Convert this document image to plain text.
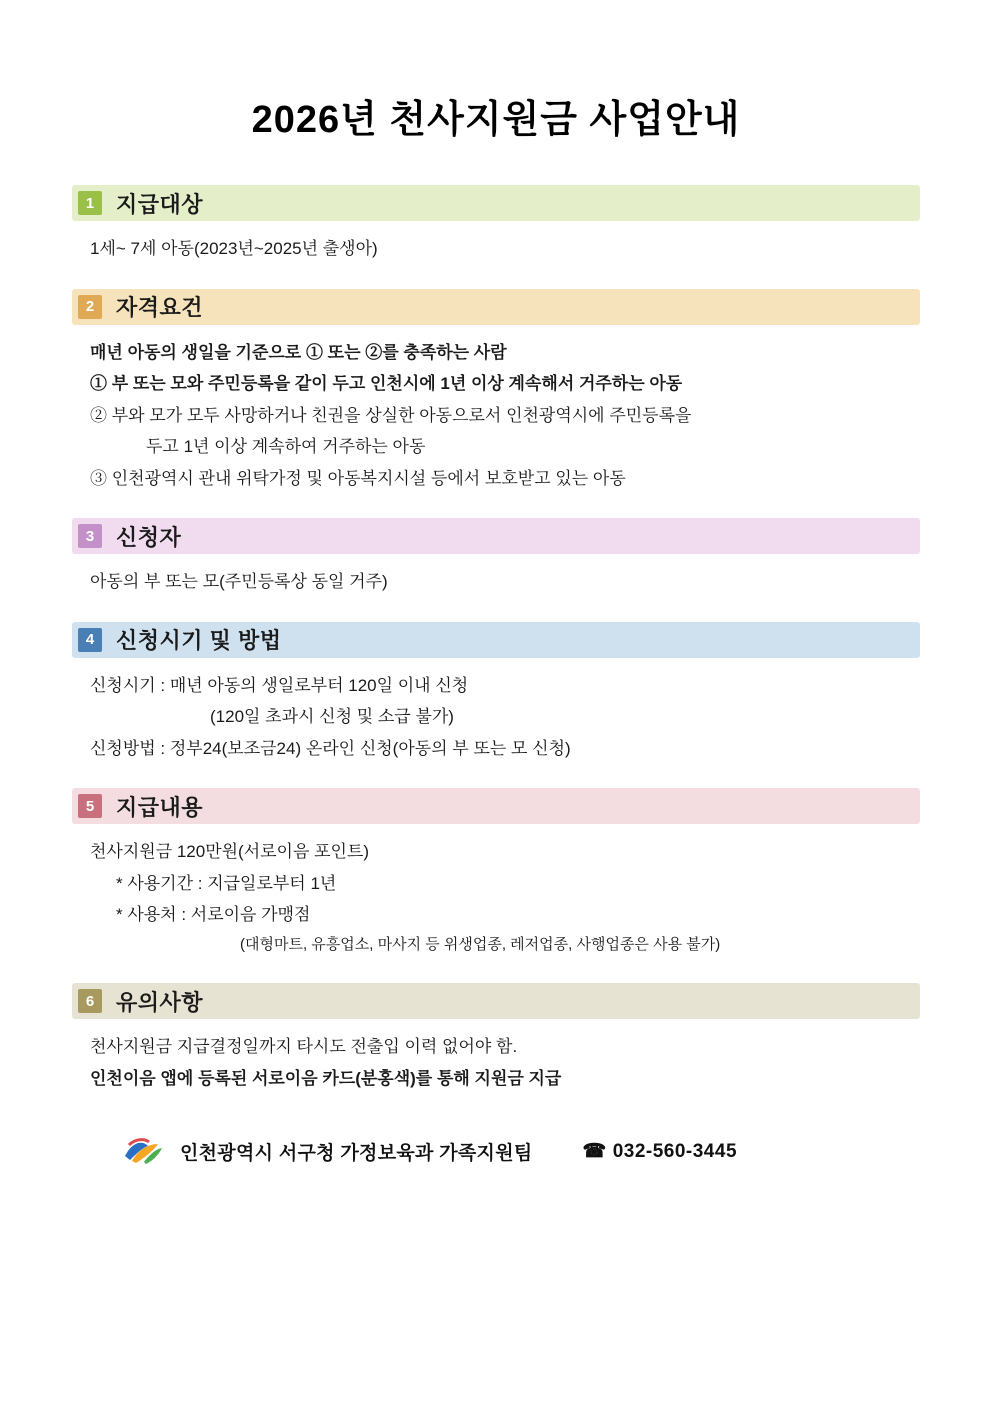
2026년 천사지원금 사업안내
1 지급대상

1세~ 7세 아동(2023년~2025년 출생아)

2 자격요건

매년 아동의 생일을 기준으로 ① 또는 ②를 충족하는 사람

① 부 또는 모와 주민등록을 같이 두고 인천시에 1년 이상 계속해서 거주하는 아동

② 부와 모가 모두 사망하거나 친권을 상실한 아동으로서 인천광역시에 주민등록을

두고 1년 이상 계속하여 거주하는 아동

③ 인천광역시 관내 위탁가정 및 아동복지시설 등에서 보호받고 있는 아동

3 신청자

아동의 부 또는 모(주민등록상 동일 거주)

4 신청시기 및 방법

신청시기 : 매년 아동의 생일로부터 120일 이내 신청

(120일 초과시 신청 및 소급 불가)

신청방법 : 정부24(보조금24) 온라인 신청(아동의 부 또는 모 신청)

5 지급내용

천사지원금 120만원(서로이음 포인트)

* 사용기간 : 지급일로부터 1년

* 사용처 : 서로이음 가맹점

(대형마트, 유흥업소, 마사지 등 위생업종, 레저업종, 사행업종은 사용 불가)

6 유의사항

천사지원금 지급결정일까지 타시도 전출입 이력 없어야 함.

인천이음 앱에 등록된 서로이음 카드(분홍색)를 통해 지원금 지급

인천광역시 서구청 가정보육과 가족지원팀	☎ 032-560-3445
